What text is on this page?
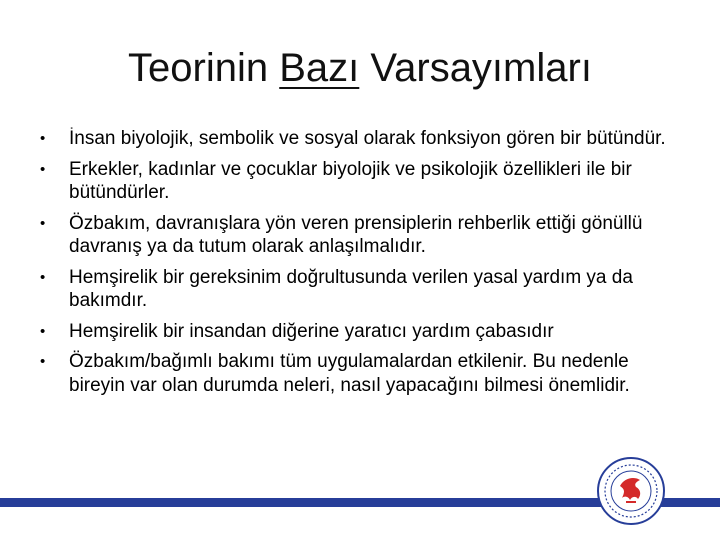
Teorinin Bazı Varsayımları
• İnsan biyolojik, sembolik ve sosyal olarak fonksiyon gören bir bütündür.
• Erkekler, kadınlar ve çocuklar biyolojik ve psikolojik özellikleri ile bir bütündürler.
• Özbakım, davranışlara yön veren prensiplerin rehberlik ettiği gönüllü davranış ya da tutum olarak anlaşılmalıdır.
• Hemşirelik bir gereksinim doğrultusunda verilen yasal yardım ya da bakımdır.
• Hemşirelik bir insandan diğerine yaratıcı yardım çabasıdır
• Özbakım/bağımlı bakımı tüm uygulamalardan etkilenir. Bu nedenle bireyin var olan durumda neleri, nasıl yapacağını bilmesi önemlidir.
